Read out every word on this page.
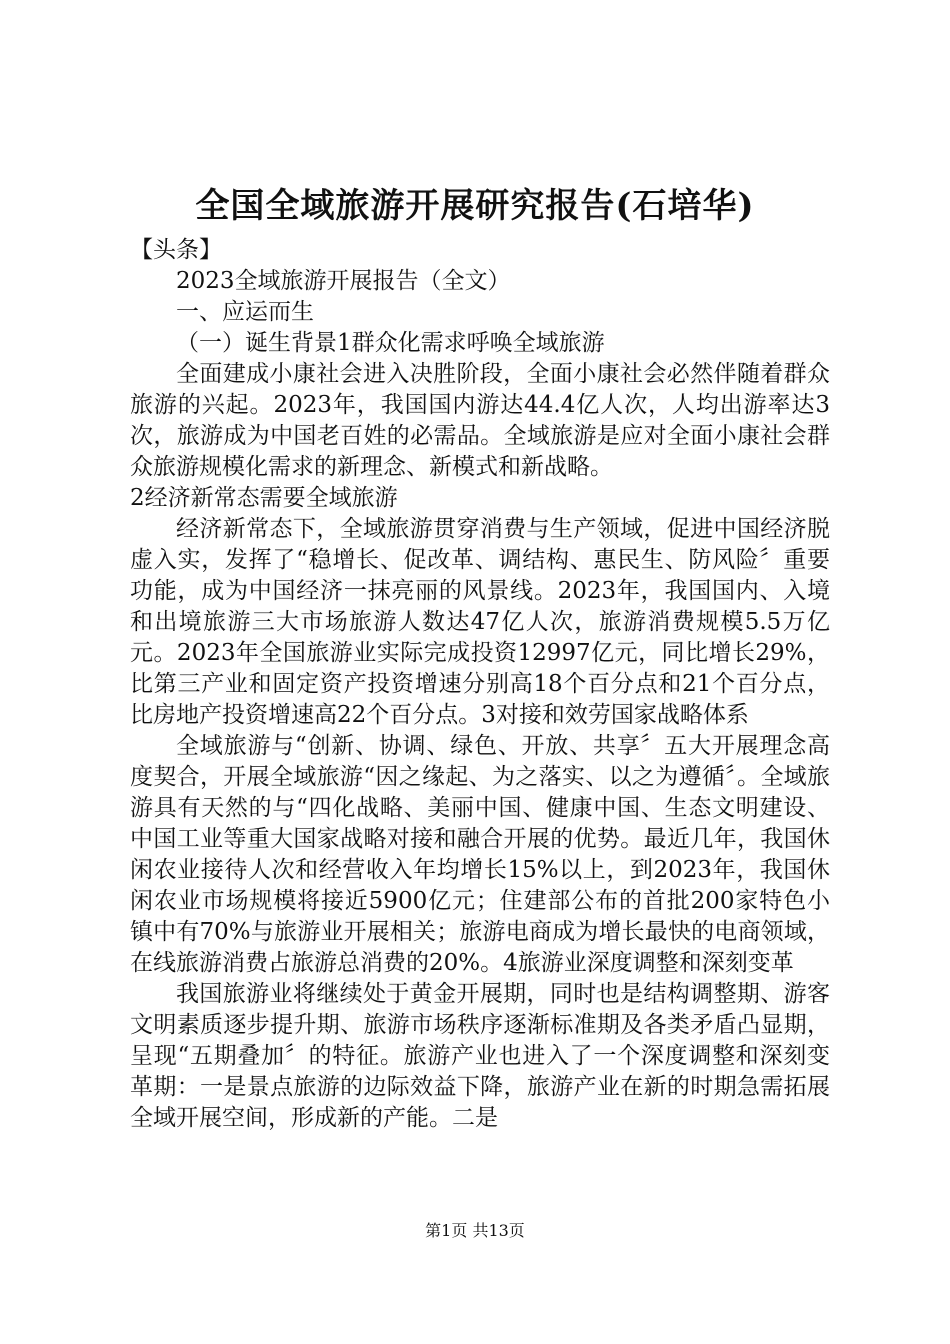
全国全域旅游开展研究报告(石培华)

【头条】

2023全域旅游开展报告（全文）

一、应运而生

（一）诞生背景1群众化需求呼唤全域旅游

全面建成小康社会进入决胜阶段，全面小康社会必然伴随着群众旅游的兴起。2023年，我国国内游达44.4亿人次，人均出游率达3次，旅游成为中国老百姓的必需品。全域旅游是应对全面小康社会群众旅游规模化需求的新理念、新模式和新战略。

2经济新常态需要全域旅游

经济新常态下，全域旅游贯穿消费与生产领域，促进中国经济脱虚入实，发挥了“稳增长、促改革、调结构、惠民生、防风险〞重要功能，成为中国经济一抹亮丽的风景线。2023年，我国国内、入境和出境旅游三大市场旅游人数达47亿人次，旅游消费规模5.5万亿元。2023年全国旅游业实际完成投资12997亿元，同比增长29%，比第三产业和固定资产投资增速分别高18个百分点和21个百分点，比房地产投资增速高22个百分点。3对接和效劳国家战略体系

全域旅游与“创新、协调、绿色、开放、共享〞五大开展理念高度契合，开展全域旅游“因之缘起、为之落实、以之为遵循〞。全域旅游具有天然的与“四化战略、美丽中国、健康中国、生态文明建设、中国工业等重大国家战略对接和融合开展的优势。最近几年，我国休闲农业接待人次和经营收入年均增长15%以上，到2023年，我国休闲农业市场规模将接近5900亿元；住建部公布的首批200家特色小镇中有70%与旅游业开展相关；旅游电商成为增长最快的电商领域，在线旅游消费占旅游总消费的20%。4旅游业深度调整和深刻变革

我国旅游业将继续处于黄金开展期，同时也是结构调整期、游客文明素质逐步提升期、旅游市场秩序逐渐标准期及各类矛盾凸显期，呈现“五期叠加〞的特征。旅游产业也进入了一个深度调整和深刻变革期：一是景点旅游的边际效益下降，旅游产业在新的时期急需拓展全域开展空间，形成新的产能。二是

第1页 共13页
